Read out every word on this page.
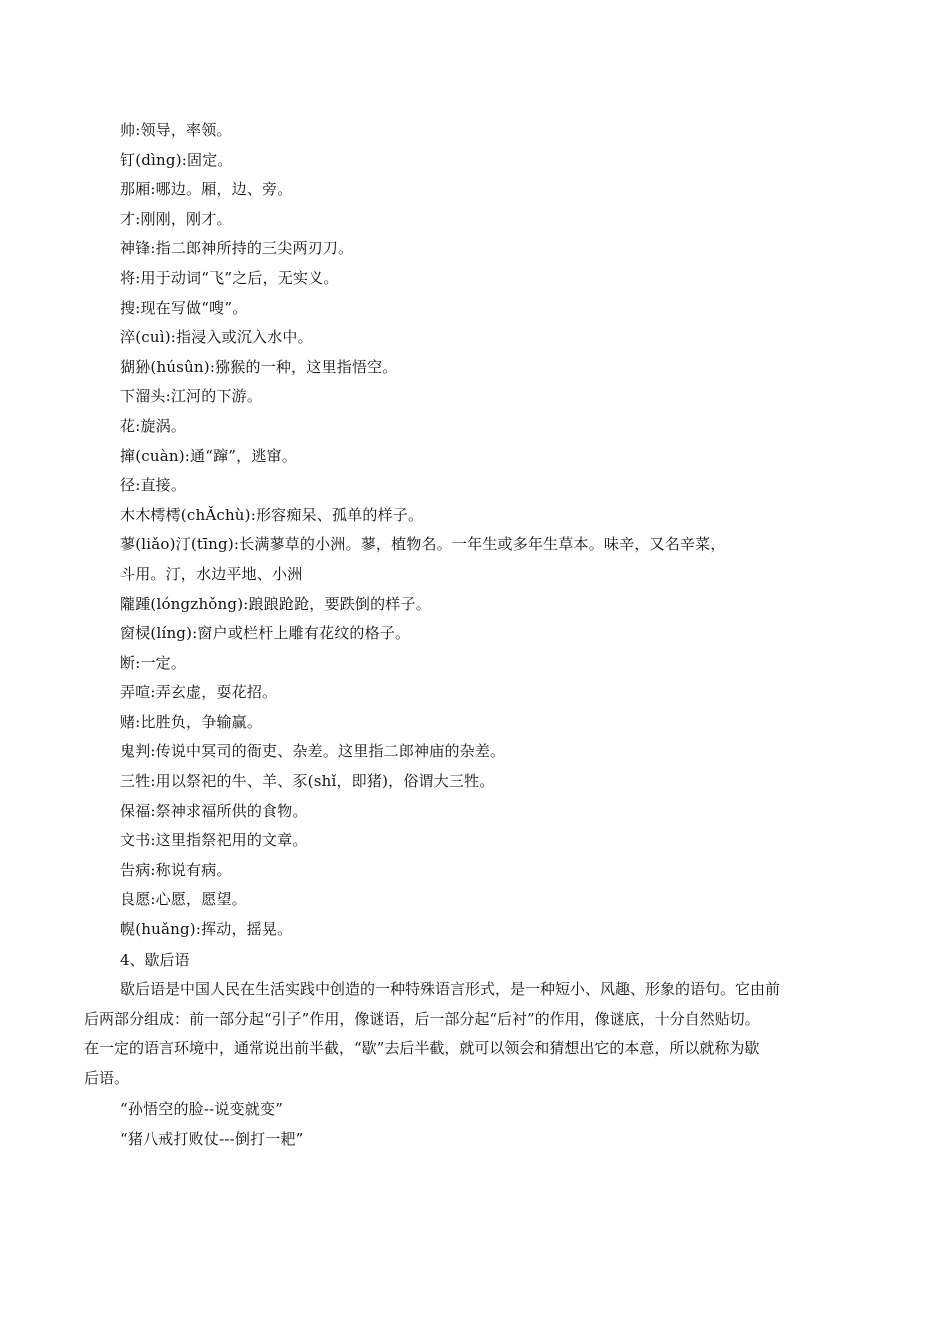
帅:领导，率领。
钉(dìng):固定。
那厢:哪边。厢，边、旁。
才:刚刚，刚才。
神锋:指二郎神所持的三尖两刃刀。
将:用于动词“飞”之后，无实义。
搜:现在写做“嗖”。
淬(cuì):指浸入或沉入水中。
猢狲(húsûn):猕猴的一种，这里指悟空。
下溜头:江河的下游。
花:旋涡。
撺(cuàn):通“蹿”，逃窜。
径:直接。
木木樗樗(chǍchù):形容痴呆、孤单的样子。
蓼(liǎo)汀(tīng):长满蓼草的小洲。蓼，植物名。一年生或多年生草本。味辛，又名辛菜，
斗用。汀，水边平地、小洲
隴踵(lóngzhǒng):踉踉跄跄，要跌倒的样子。
窗棂(líng):窗户或栏杆上雕有花纹的格子。
断:一定。
弄喧:弄玄虚，耍花招。
赌:比胜负，争输赢。
鬼判:传说中冥司的衙吏、杂差。这里指二郎神庙的杂差。
三牲:用以祭祀的牛、羊、豕(shǐ，即猪)，俗谓大三牲。
保福:祭神求福所供的食物。
文书:这里指祭祀用的文章。
告病:称说有病。
良愿:心愿，愿望。
幌(huǎng):挥动，摇晃。
4、歇后语
歇后语是中国人民在生活实践中创造的一种特殊语言形式，是一种短小、风趣、形象的语句。它由前
后两部分组成：前一部分起“引子”作用，像谜语，后一部分起“后衬”的作用，像谜底，十分自然贴切。
在一定的语言环境中，通常说出前半截，“歇”去后半截，就可以领会和猜想出它的本意，所以就称为歇
后语。
“孙悟空的脸--说变就变”
“猪八戒打败仗---倒打一耙”
